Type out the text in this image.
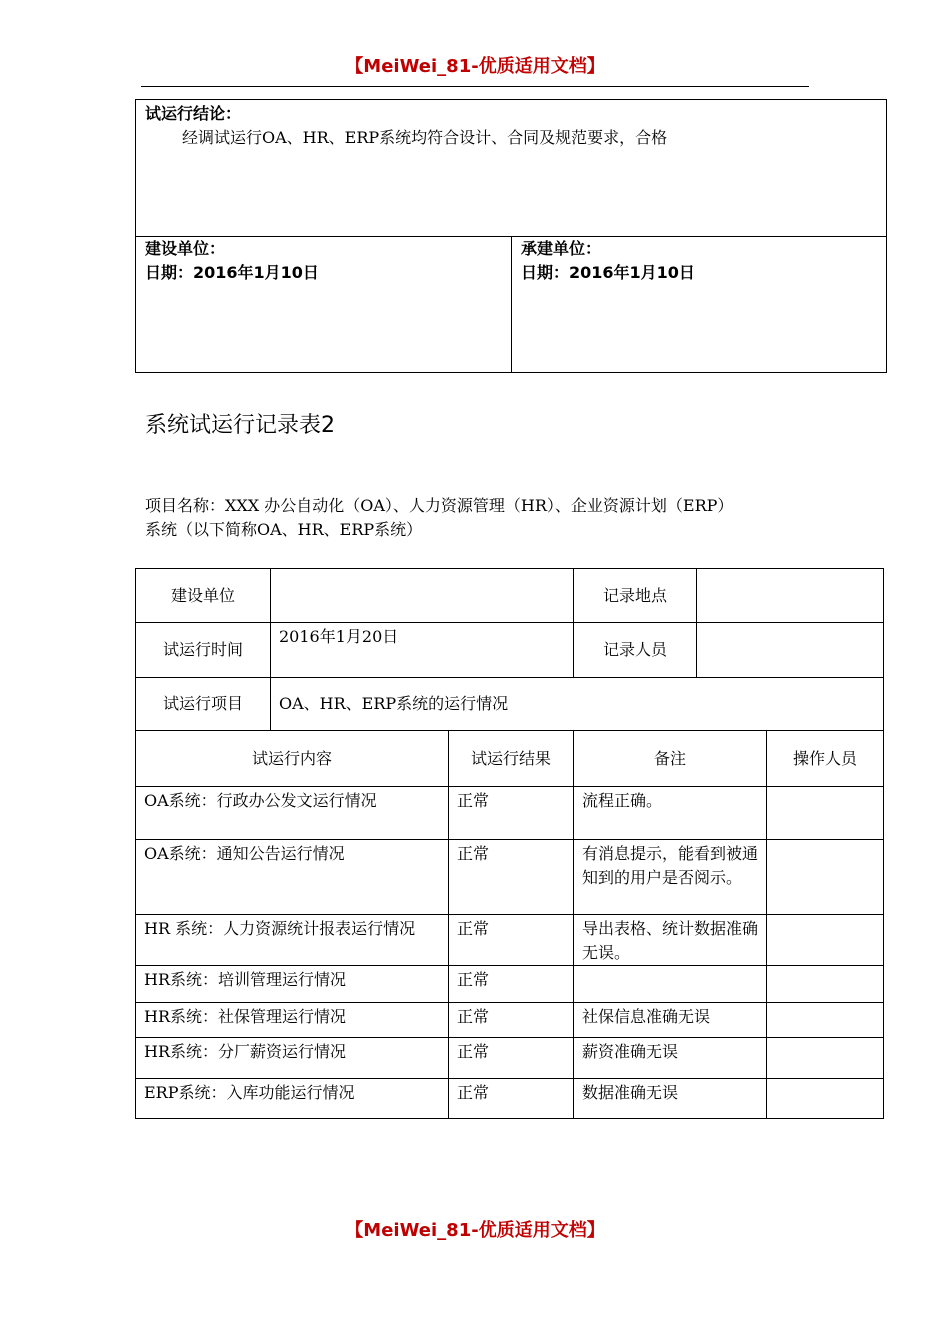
【MeiWei_81-优质适用文档】
试运行结论：
经调试运行OA、HR、ERP系统均符合设计、合同及规范要求，合格
建设单位：
日期：2016年1月10日
承建单位：
日期：2016年1月10日
系统试运行记录表2
项目名称：XXX 办公自动化（OA）、人力资源管理（HR）、企业资源计划（ERP）
系统（以下简称OA、HR、ERP系统）
建设单位		记录地点	
试运行时间	2016年1月20日	记录人员	
试运行项目	OA、HR、ERP系统的运行情况		
试运行内容	试运行结果	备注	操作人员
OA系统：行政办公发文运行情况	正常	流程正确。	
OA系统：通知公告运行情况	正常	有消息提示，能看到被通知到的用户是否阅示。	
HR 系统：人力资源统计报表运行情况	正常	导出表格、统计数据准确无误。	
HR系统：培训管理运行情况	正常		
HR系统：社保管理运行情况	正常	社保信息准确无误	
HR系统：分厂薪资运行情况	正常	薪资准确无误	
ERP系统：入库功能运行情况	正常	数据准确无误	
【MeiWei_81-优质适用文档】
